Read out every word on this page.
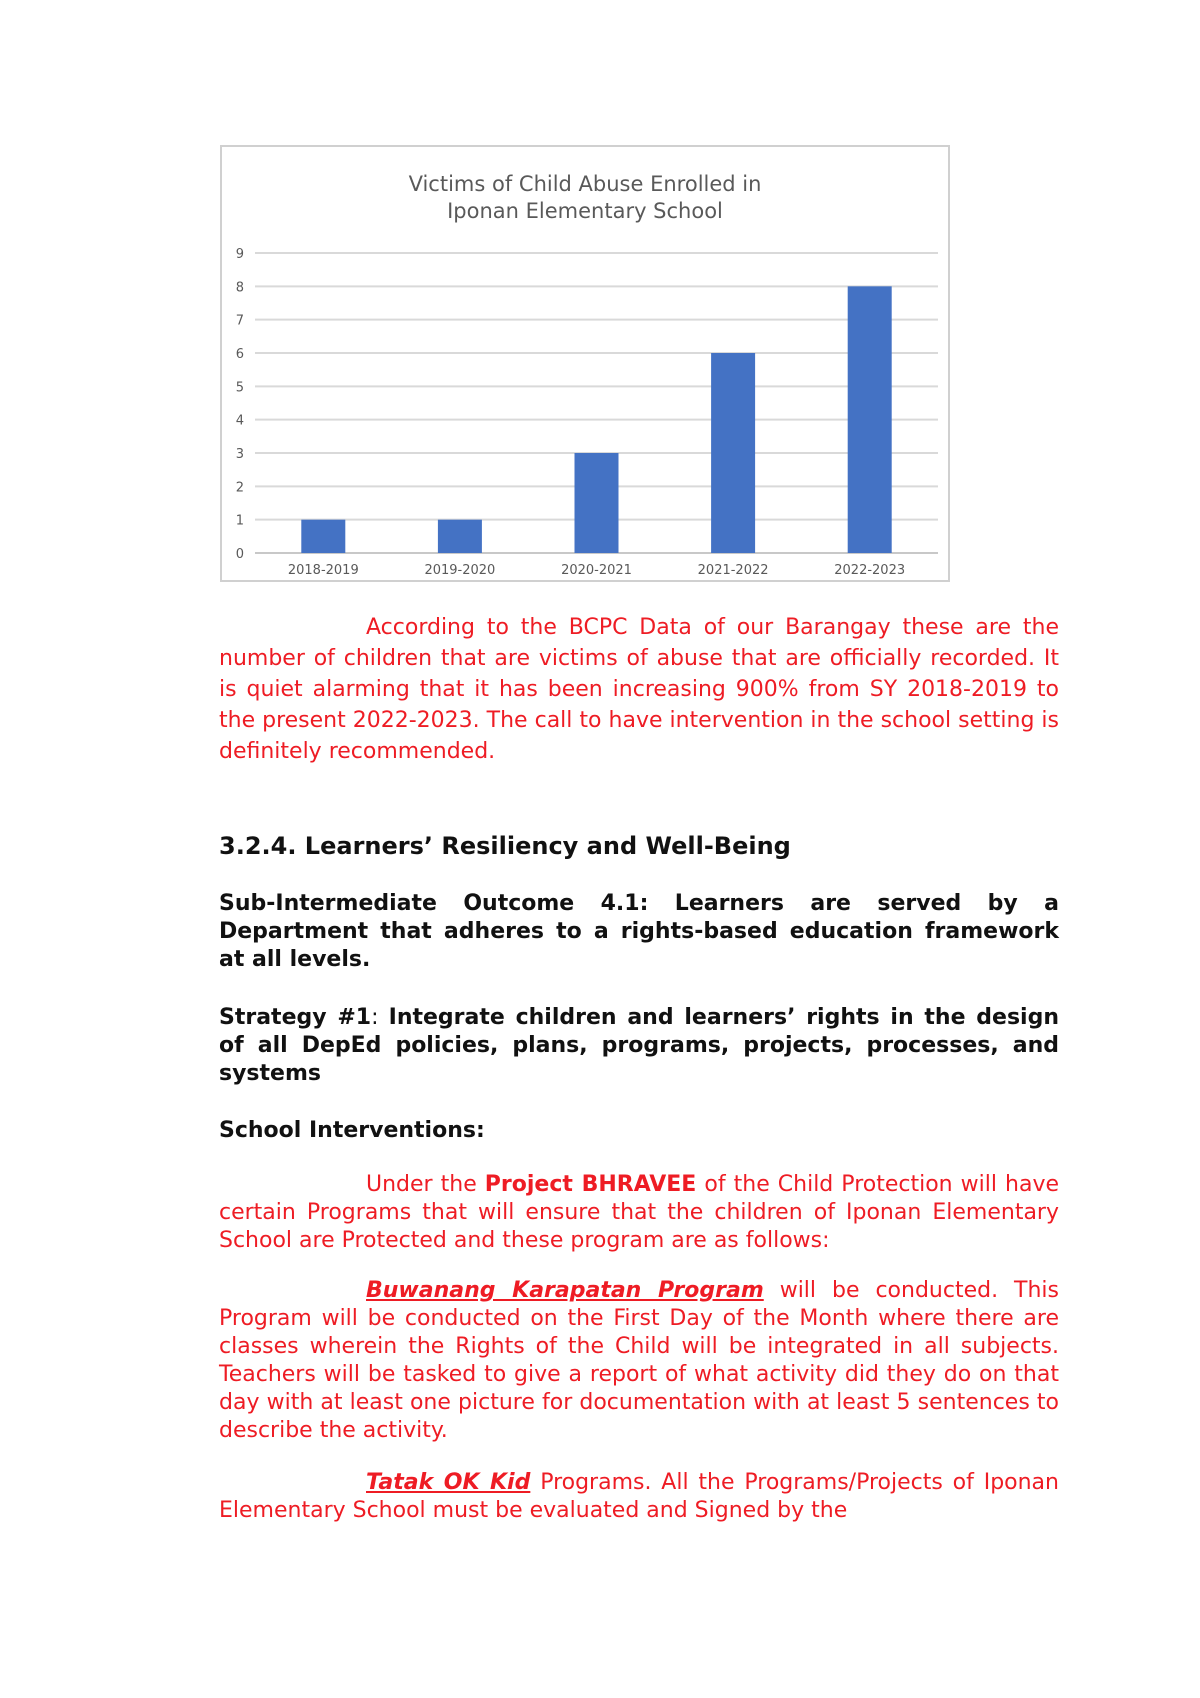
Victims of Child Abuse Enrolled in
Iponan Elementary School
0
1
2
3
4
5
6
7
8
9
2018-2019	2019-2020	2020-2021	2021-2022	2022-2023

According to the BCPC Data of our Barangay these are the number of children that are victims of abuse that are officially recorded. It is quiet alarming that it has been increasing 900% from SY 2018-2019 to the present 2022-2023. The call to have intervention in the school setting is definitely recommended.

3.2.4. Learners’ Resiliency and Well-Being

Sub-Intermediate Outcome 4.1: Learners are served by a Department that adheres to a rights-based education framework at all levels.

Strategy #1: Integrate children and learners’ rights in the design of all DepEd policies, plans, programs, projects, processes, and systems

School Interventions:

Under the Project BHRAVEE of the Child Protection will have certain Programs that will ensure that the children of Iponan Elementary School are Protected and these program are as follows:

Buwanang Karapatan Program will be conducted. This Program will be conducted on the First Day of the Month where there are classes wherein the Rights of the Child will be integrated in all subjects. Teachers will be tasked to give a report of what activity did they do on that day with at least one picture for documentation with at least 5 sentences to describe the activity.

Tatak OK Kid Programs. All the Programs/Projects of Iponan Elementary School must be evaluated and Signed by the
